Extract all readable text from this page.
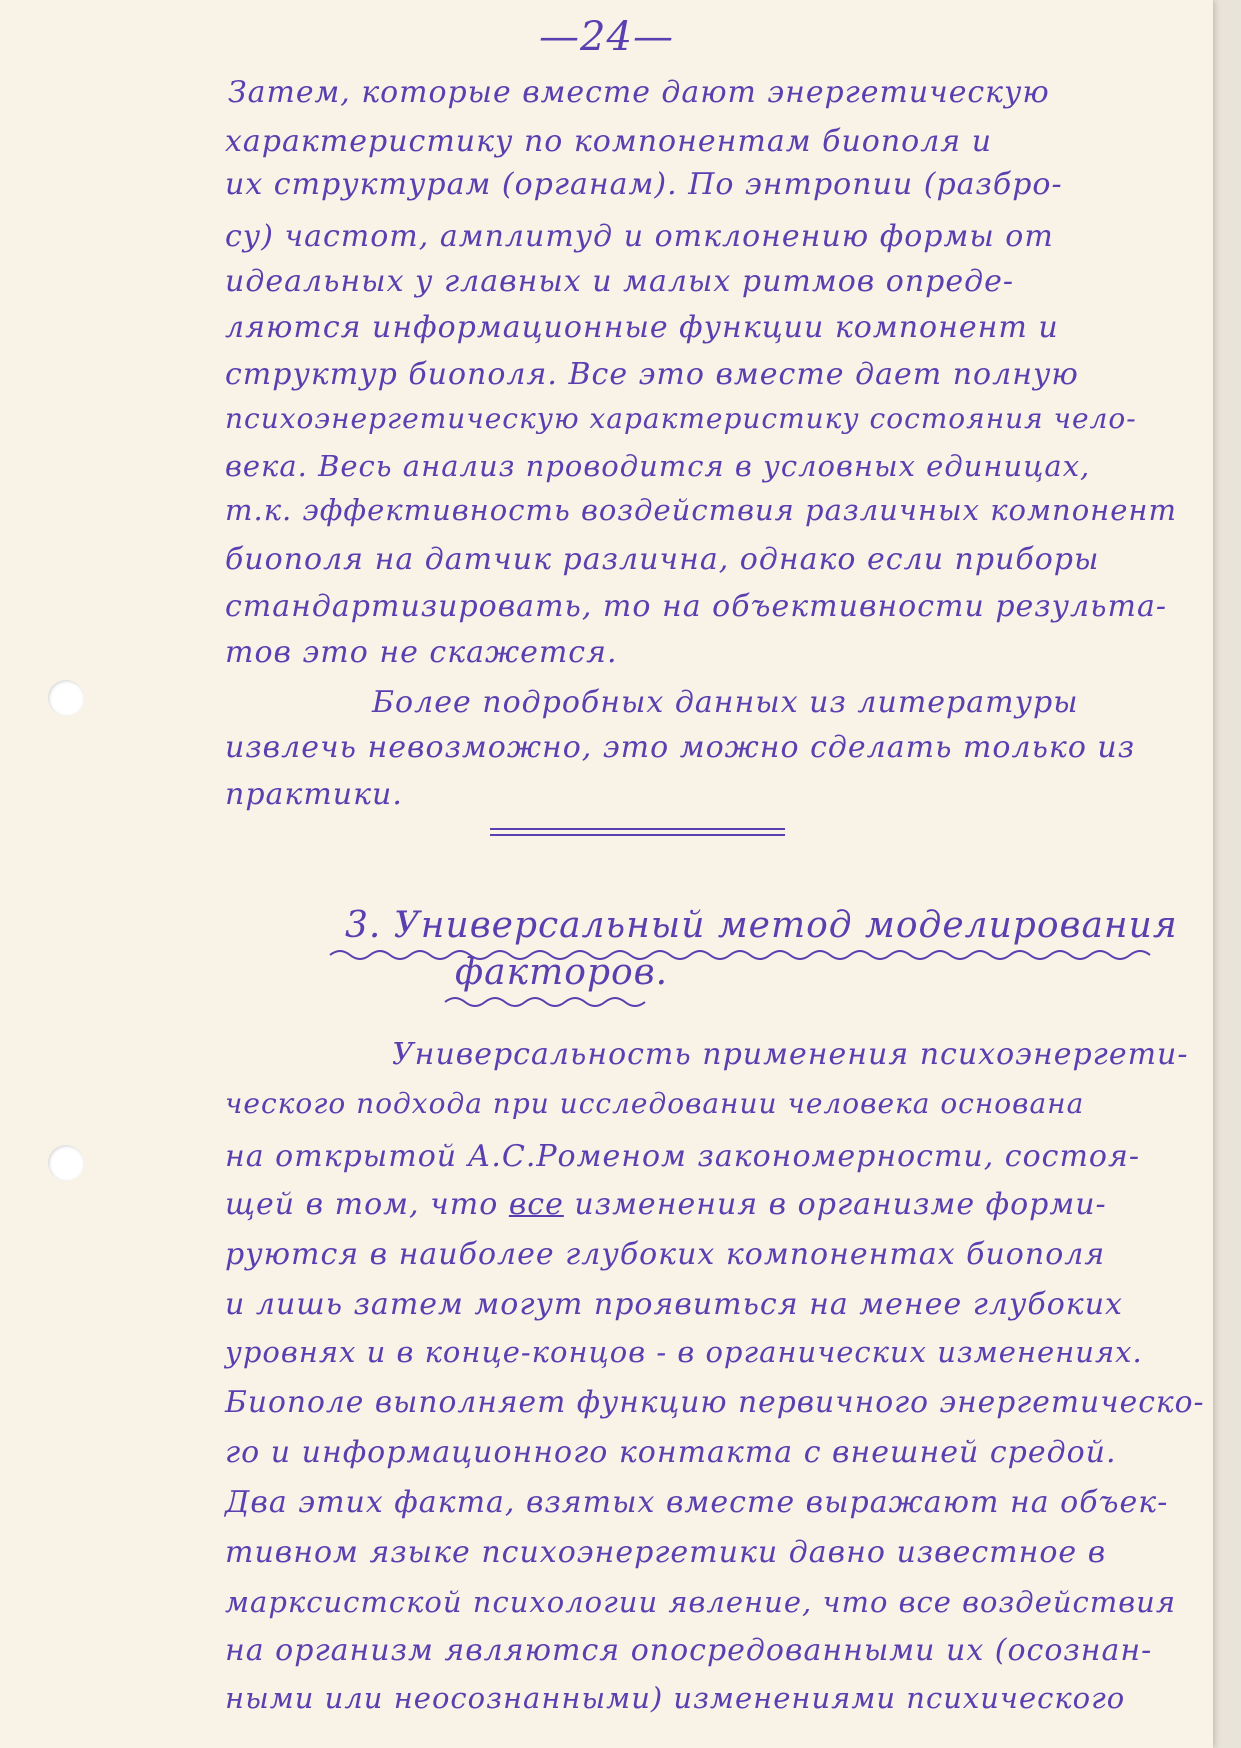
—24—
Затем, которые вместе дают энергетическую
характеристику по компонентам биополя и
их структурам (органам). По энтропии (разбро-
су) частот, амплитуд и отклонению формы от
идеальных у главных и малых ритмов опреде-
ляются информационные функции компонент и
структур биополя. Все это вместе дает полную
психоэнергетическую характеристику состояния чело-
века. Весь анализ проводится в условных единицах,
т.к. эффективность воздействия различных компонент
биополя на датчик различна, однако если приборы
стандартизировать, то на объективности результа-
тов это не скажется.
Более подробных данных из литературы
извлечь невозможно, это можно сделать только из
практики.
3. Универсальный метод моделирования
факторов.
Универсальность применения психоэнергети-
ческого подхода при исследовании человека основана
на открытой А.С.Роменом закономерности, состоя-
щей в том, что все изменения в организме форми-
руются в наиболее глубоких компонентах биополя
и лишь затем могут проявиться на менее глубоких
уровнях и в конце-концов - в органических изменениях.
Биополе выполняет функцию первичного энергетическо-
го и информационного контакта с внешней средой.
Два этих факта, взятых вместе выражают на объек-
тивном языке психоэнергетики давно известное в
марксистской психологии явление, что все воздействия
на организм являются опосредованными их (осознан-
ными или неосознанными) изменениями психического
